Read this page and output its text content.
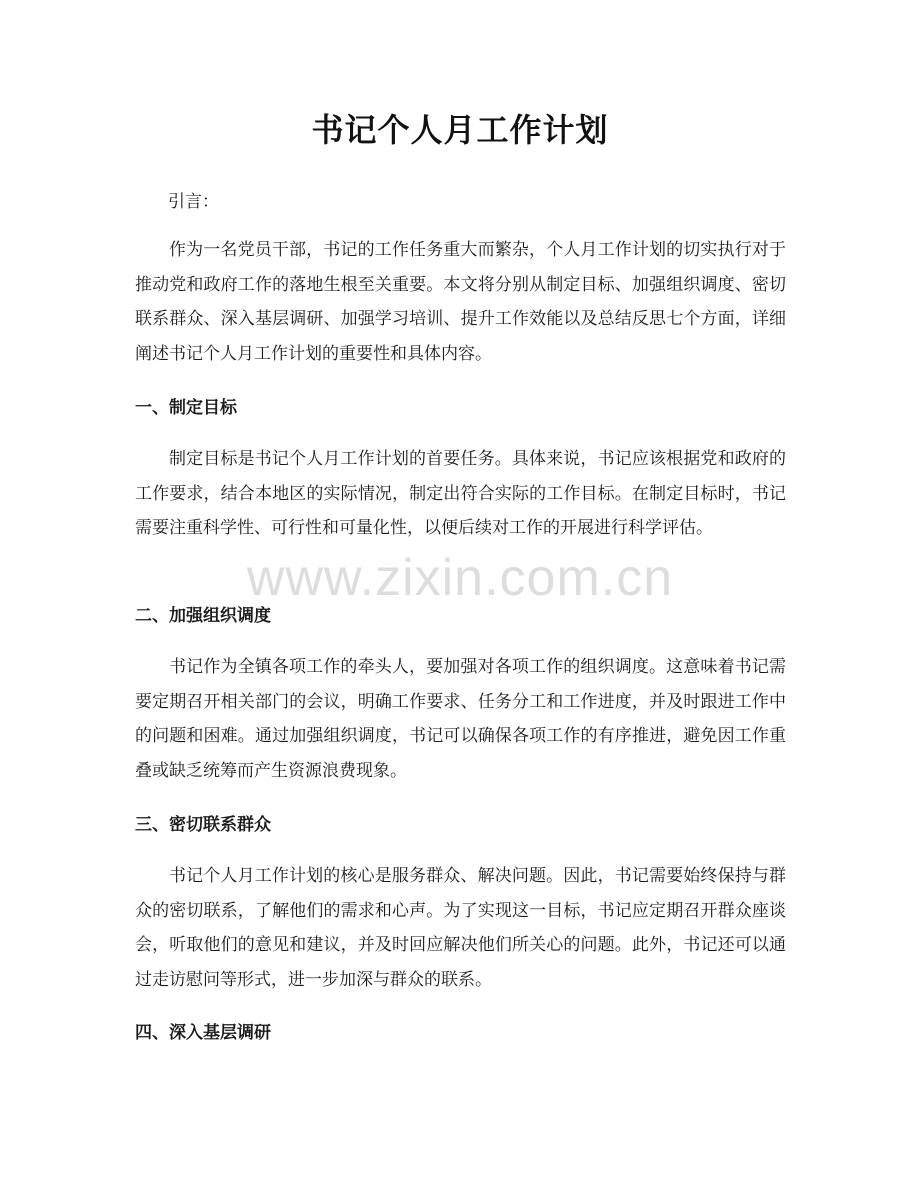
书记个人月工作计划
引言：

作为一名党员干部，书记的工作任务重大而繁杂，个人月工作计划的切实执行对于推动党和政府工作的落地生根至关重要。本文将分别从制定目标、加强组织调度、密切联系群众、深入基层调研、加强学习培训、提升工作效能以及总结反思七个方面，详细阐述书记个人月工作计划的重要性和具体内容。

一、制定目标

制定目标是书记个人月工作计划的首要任务。具体来说，书记应该根据党和政府的工作要求，结合本地区的实际情况，制定出符合实际的工作目标。在制定目标时，书记需要注重科学性、可行性和可量化性，以便后续对工作的开展进行科学评估。

二、加强组织调度

书记作为全镇各项工作的牵头人，要加强对各项工作的组织调度。这意味着书记需要定期召开相关部门的会议，明确工作要求、任务分工和工作进度，并及时跟进工作中的问题和困难。通过加强组织调度，书记可以确保各项工作的有序推进，避免因工作重叠或缺乏统筹而产生资源浪费现象。

三、密切联系群众

书记个人月工作计划的核心是服务群众、解决问题。因此，书记需要始终保持与群众的密切联系，了解他们的需求和心声。为了实现这一目标，书记应定期召开群众座谈会，听取他们的意见和建议，并及时回应解决他们所关心的问题。此外，书记还可以通过走访慰问等形式，进一步加深与群众的联系。

四、深入基层调研
www.zixin.com.cn
